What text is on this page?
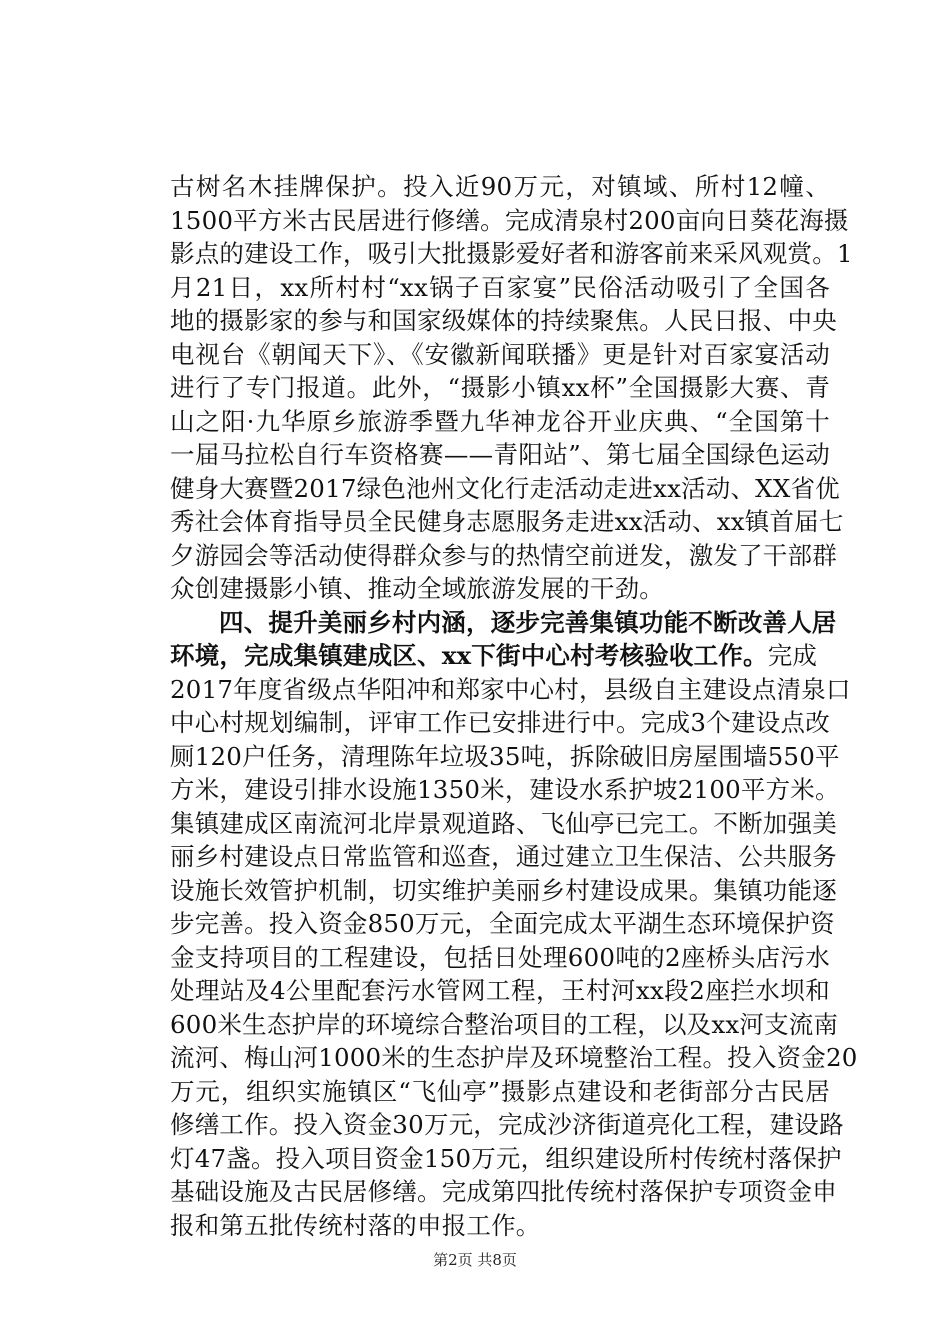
古树名木挂牌保护。投入近90万元，对镇域、所村12幢、
1500平方米古民居进行修缮。完成清泉村200亩向日葵花海摄
影点的建设工作，吸引大批摄影爱好者和游客前来采风观赏。1
月21日，xx所村村“xx锅子百家宴”民俗活动吸引了全国各
地的摄影家的参与和国家级媒体的持续聚焦。人民日报、中央
电视台《朝闻天下》、《安徽新闻联播》更是针对百家宴活动
进行了专门报道。此外，“摄影小镇xx杯”全国摄影大赛、青
山之阳·九华原乡旅游季暨九华神龙谷开业庆典、“全国第十
一届马拉松自行车资格赛——青阳站”、第七届全国绿色运动
健身大赛暨2017绿色池州文化行走活动走进xx活动、XX省优
秀社会体育指导员全民健身志愿服务走进xx活动、xx镇首届七
夕游园会等活动使得群众参与的热情空前迸发，激发了干部群
众创建摄影小镇、推动全域旅游发展的干劲。
四、提升美丽乡村内涵，逐步完善集镇功能不断改善人居
环境，完成集镇建成区、xx下街中心村考核验收工作。完成
2017年度省级点华阳冲和郑家中心村，县级自主建设点清泉口
中心村规划编制，评审工作已安排进行中。完成3个建设点改
厕120户任务，清理陈年垃圾35吨，拆除破旧房屋围墙550平
方米，建设引排水设施1350米，建设水系护坡2100平方米。
集镇建成区南流河北岸景观道路、飞仙亭已完工。不断加强美
丽乡村建设点日常监管和巡查，通过建立卫生保洁、公共服务
设施长效管护机制，切实维护美丽乡村建设成果。集镇功能逐
步完善。投入资金850万元，全面完成太平湖生态环境保护资
金支持项目的工程建设，包括日处理600吨的2座桥头店污水
处理站及4公里配套污水管网工程，王村河xx段2座拦水坝和
600米生态护岸的环境综合整治项目的工程，以及xx河支流南
流河、梅山河1000米的生态护岸及环境整治工程。投入资金20
万元，组织实施镇区“飞仙亭”摄影点建设和老街部分古民居
修缮工作。投入资金30万元，完成沙济街道亮化工程，建设路
灯47盏。投入项目资金150万元，组织建设所村传统村落保护
基础设施及古民居修缮。完成第四批传统村落保护专项资金申
报和第五批传统村落的申报工作。
第2页 共8页
